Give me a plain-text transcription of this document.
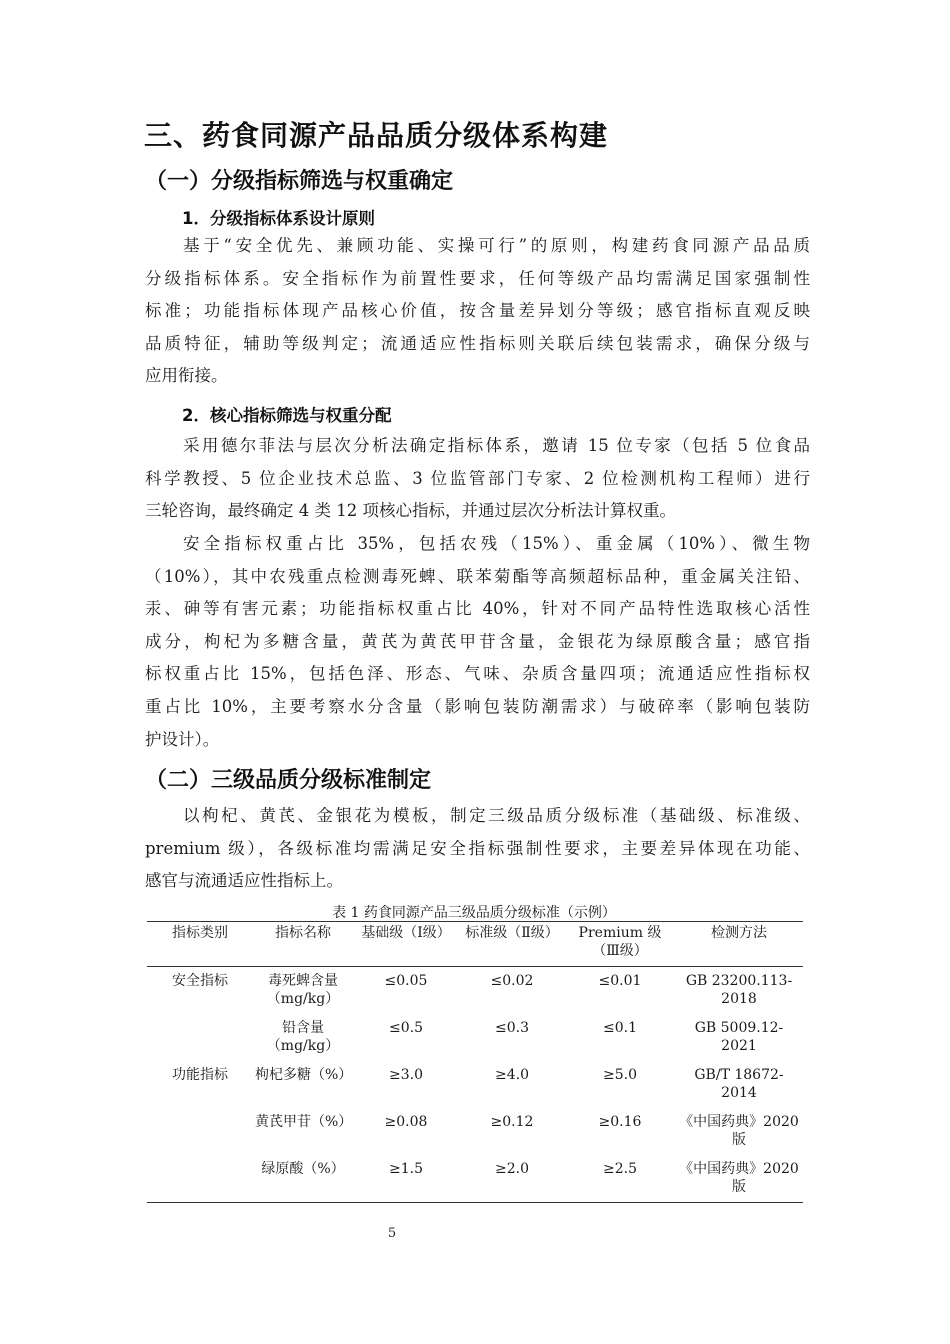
三、药食同源产品品质分级体系构建
（一）分级指标筛选与权重确定
1．分级指标体系设计原则
基于“安全优先、兼顾功能、实操可行”的原则，构建药食同源产品品质
分级指标体系。安全指标作为前置性要求，任何等级产品均需满足国家强制性
标准；功能指标体现产品核心价值，按含量差异划分等级；感官指标直观反映
品质特征，辅助等级判定；流通适应性指标则关联后续包装需求，确保分级与
应用衔接。
2．核心指标筛选与权重分配
采用德尔菲法与层次分析法确定指标体系，邀请 15 位专家（包括 5 位食品
科学教授、5 位企业技术总监、3 位监管部门专家、2 位检测机构工程师）进行
三轮咨询，最终确定 4 类 12 项核心指标，并通过层次分析法计算权重。
安全指标权重占比 35%，包括农残（15%）、重金属（10%）、微生物
（10%），其中农残重点检测毒死蜱、联苯菊酯等高频超标品种，重金属关注铅、
汞、砷等有害元素；功能指标权重占比 40%，针对不同产品特性选取核心活性
成分，枸杞为多糖含量，黄芪为黄芪甲苷含量，金银花为绿原酸含量；感官指
标权重占比 15%，包括色泽、形态、气味、杂质含量四项；流通适应性指标权
重占比 10%，主要考察水分含量（影响包装防潮需求）与破碎率（影响包装防
护设计）。
（二）三级品质分级标准制定
以枸杞、黄芪、金银花为模板，制定三级品质分级标准（基础级、标准级、
premium 级），各级标准均需满足安全指标强制性要求，主要差异体现在功能、
感官与流通适应性指标上。
表 1 药食同源产品三级品质分级标准（示例）
指标类别	指标名称	基础级（Ⅰ级）	标准级（Ⅱ级）	Premium 级（Ⅲ级）	检测方法
安全指标	毒死蜱含量（mg/kg）	≤0.05	≤0.02	≤0.01	GB 23200.113-2018
	铅含量（mg/kg）	≤0.5	≤0.3	≤0.1	GB 5009.12-2021
功能指标	枸杞多糖（%）	≥3.0	≥4.0	≥5.0	GB/T 18672-2014
	黄芪甲苷（%）	≥0.08	≥0.12	≥0.16	《中国药典》2020 版
	绿原酸（%）	≥1.5	≥2.0	≥2.5	《中国药典》2020 版
5
